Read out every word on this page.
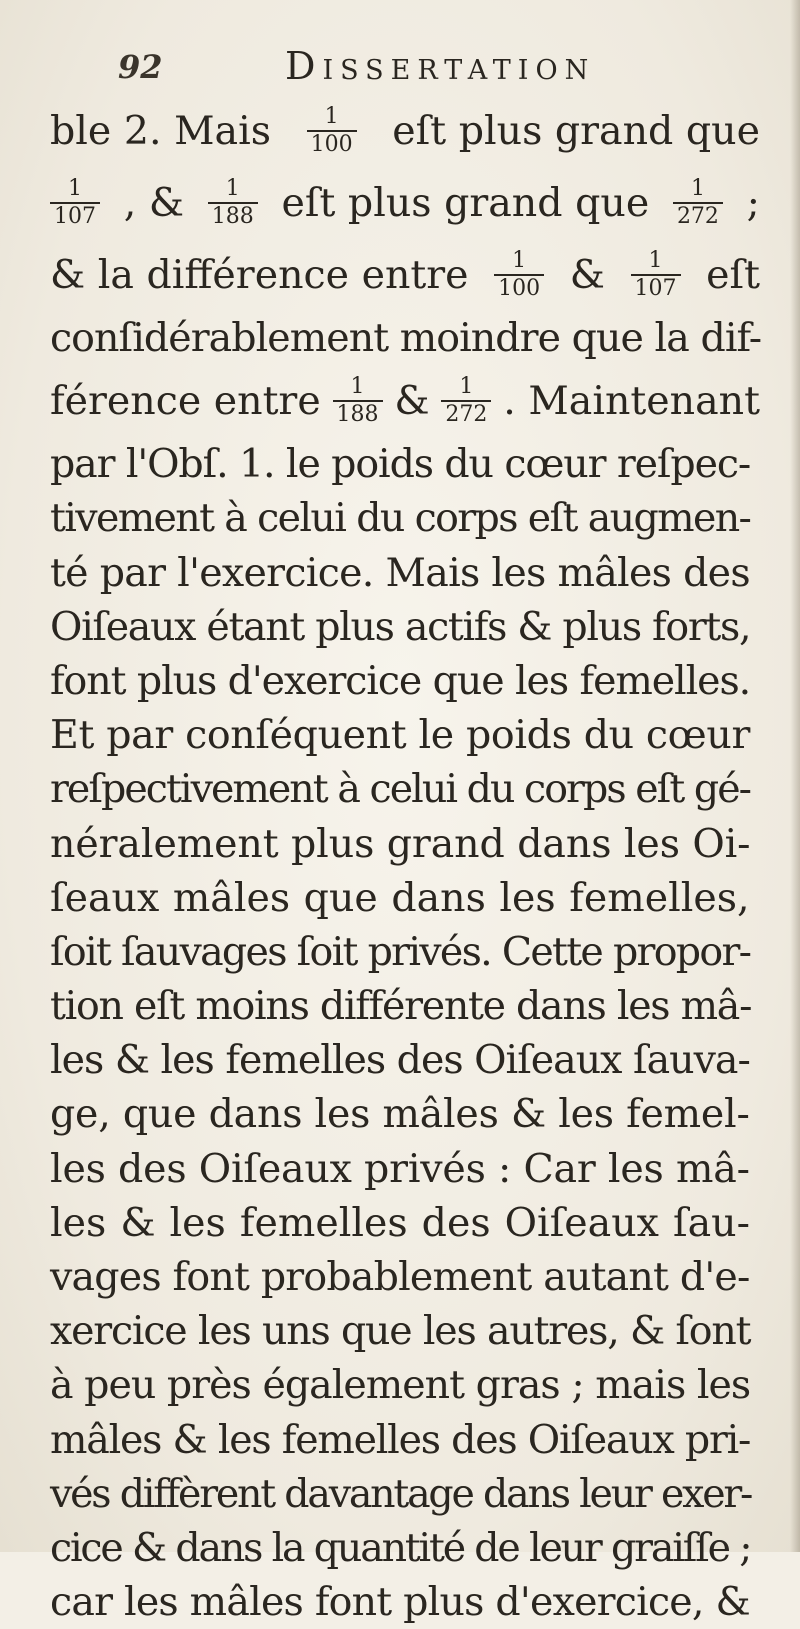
92	Dissertation
ble 2. Mais $\frac{1}{100}$ eſt plus grand que
$\frac{1}{107}$ , & $\frac{1}{188}$ eſt plus grand que $\frac{1}{272}$ ;
& la différence entre $\frac{1}{100}$ & $\frac{1}{107}$ eſt
conſidérablement moindre que la dif-
férence entre $\frac{1}{188}$ & $\frac{1}{272}$ . Maintenant
par l'Obſ. 1. le poids du cœur reſpec-
tivement à celui du corps eſt augmen-
té par l'exercice. Mais les mâles des
Oiſeaux étant plus actifs & plus forts,
font plus d'exercice que les femelles.
Et par conſéquent le poids du cœur
reſpectivement à celui du corps eſt gé-
néralement plus grand dans les Oi-
ſeaux mâles que dans les femelles,
ſoit ſauvages ſoit privés. Cette propor-
tion eſt moins différente dans les mâ-
les & les femelles des Oiſeaux ſauva-
ge, que dans les mâles & les femel-
les des Oiſeaux privés : Car les mâ-
les & les femelles des Oiſeaux ſau-
vages font probablement autant d'e-
xercice les uns que les autres, & ſont
à peu près également gras ; mais les
mâles & les femelles des Oiſeaux pri-
vés diffèrent davantage dans leur exer-
cice & dans la quantité de leur graiſſe ;
car les mâles font plus d'exercice, &
